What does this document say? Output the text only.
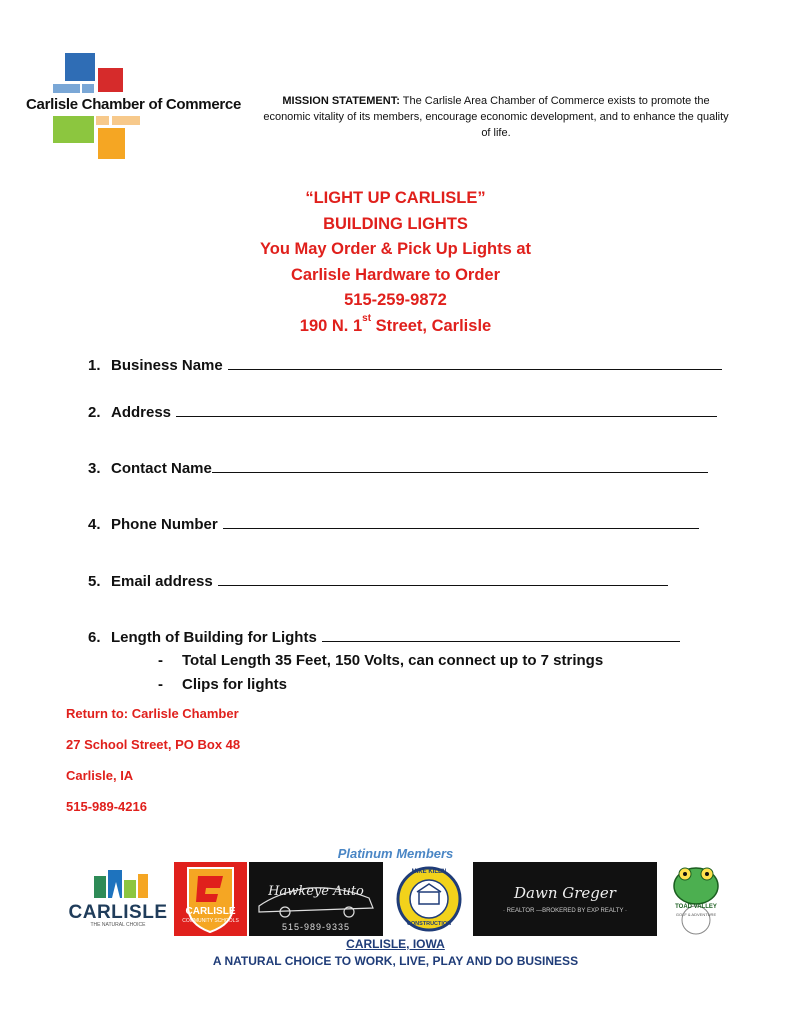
Carlisle Chamber of Commerce	MISSION STATEMENT: The Carlisle Area Chamber of Commerce exists to promote the economic vitality of its members, encourage economic development, and to enhance the quality of life.
“LIGHT UP CARLISLE”
BUILDING LIGHTS
You May Order & Pick Up Lights at
Carlisle Hardware to Order
515-259-9872
190 N. 1st Street, Carlisle
1. Business Name
2. Address
3. Contact Name
4. Phone Number
5. Email address
6. Length of Building for Lights
-	Total Length 35 Feet, 150 Volts, can connect up to 7 strings
-	Clips for lights
Return to: Carlisle Chamber
27 School Street, PO Box 48
Carlisle, IA
515-989-4216
Platinum Members
CARLISLE
THE NATURAL CHOICE
CARLISLE
COMMUNITY SCHOOLS
Hawkeye Auto
515-989-9335
MIKE KILEN
CONSTRUCTION
Dawn Greger
· REALTOR —BROKERED BY EXP REALTY ·
TOAD VALLEY
GOLF & ADVENTURE
CARLISLE, IOWA
A NATURAL CHOICE TO WORK, LIVE, PLAY AND DO BUSINESS
